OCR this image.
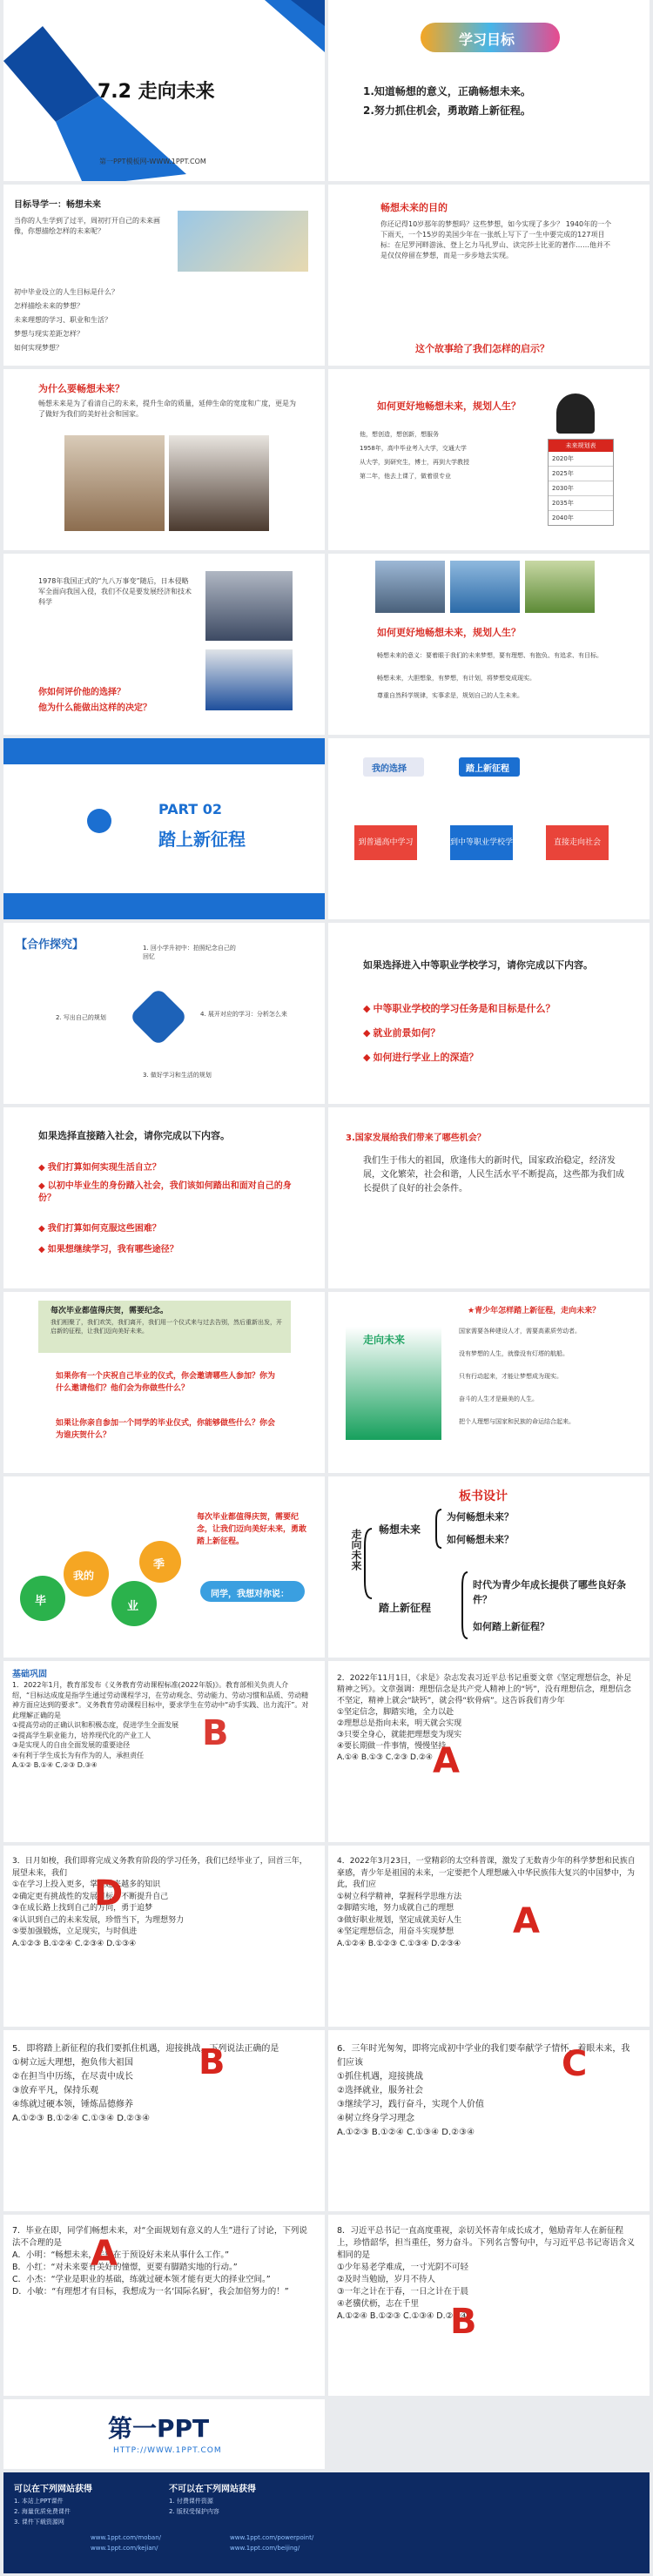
7.2 走向未来

第一PPT模板网-WWW.1PPT.COM

学习目标

1.知道畅想的意义，正确畅想未来。

2.努力抓住机会，勇敢踏上新征程。

目标导学一：畅想未来

当你的人生学到了过半，周初打开自己的未来画像，你想描绘怎样的未来呢？

初中毕业设立的人生目标是什么？

怎样描绘未来的梦想？

未来理想的学习、职业和生活？

梦想与现实差距怎样？

如何实现梦想？

畅想未来的目的

你还记得10岁那年的梦想吗？这些梦想，如今实现了多少？ 1940年的一个下雨天，一个15岁的美国少年在一张纸上写下了一生中要完成的127项目标：在尼罗河畔游泳、登上乞力马扎罗山、读完莎士比亚的著作……他并不是仅仅停留在梦想，而是一步步地去实现。

这个故事给了我们怎样的启示？

为什么要畅想未来？

畅想未来是为了看清自己的未来，提升生命的质量，延伸生命的宽度和广度，更是为了做好为我们的美好社会和国家。

如何更好地畅想未来，规划人生？

他，想创造，想创新，想服务

1958年，高中毕业考入大学，交通大学

从大学，到研究生，博士，再到大学教授

第二年，他去上课了，做着很专业

未来规划表
2020年
2025年
2030年
2035年
2040年

1978年我国正式的“九八万事变”随后，日本侵略军全面向我国入侵，我们不仅是要发展经济和技术科学

你如何评价他的选择？

他为什么能做出这样的决定？

如何更好地畅想未来，规划人生？

畅想未来的意义：要着眼于我们的未来梦想，要有理想、有抱负、有追求、有目标。

畅想未来，大胆想象，有梦想，有计划，将梦想变成现实。

尊重自然科学规律，实事求是，规划自己的人生未来。

PART 02

踏上新征程

我的选择	踏上新征程

到普通高中学习	到中等职业学校学习
直接走向社会

【合作探究】	1. 回小学升初中：拍照纪念自己的回忆

2. 写出自己的规划	4. 展开对应的学习：分析怎么来

3. 做好学习和生活的规划

如果选择进入中等职业学校学习，请你完成以下内容。

◆ 中等职业学校的学习任务是和目标是什么？

◆ 就业前景如何？

◆ 如何进行学业上的深造？

如果选择直接踏入社会，请你完成以下内容。

◆ 我们打算如何实现生活自立？

◆ 以初中毕业生的身份踏入社会，我们该如何踏出和面对自己的身份？

◆ 我们打算如何克服这些困难？

◆ 如果想继续学习，我有哪些途径？

3.国家发展给我们带来了哪些机会？

我们生于伟大的祖国，欣逢伟大的新时代，国家政治稳定，经济发展，文化繁荣，社会和谐，人民生活水平不断提高，这些都为我们成长提供了良好的社会条件。

每次毕业都值得庆贺，需要纪念。

我们相聚了，我们欢笑，我们离开，我们用一个仪式来与过去告别，然后重新出发，开启新的征程，让我们迈向美好未来。

如果你有一个庆祝自己毕业的仪式，你会邀请哪些人参加？你为什么邀请他们？他们会为你做些什么？

如果让你亲自参加一个同学的毕业仪式，你能够做些什么？你会为谁庆贺什么？

★青少年怎样踏上新征程，走向未来？

走向未来

国家需要各种建设人才，需要高素质劳动者。

没有梦想的人生，就像没有灯塔的航船。

只有行动起来，才能让梦想成为现实。

奋斗的人生才是最美的人生。

把个人理想与国家和民族的命运结合起来。

毕

我的

业

季

每次毕业都值得庆贺，需要纪念，让我们迈向美好未来，勇敢踏上新征程。

同学，我想对你说：

板书设计

走向未来 畅想未来

为何畅想未来？

如何畅想未来？

踏上新征程

时代为青少年成长提供了哪些良好条件？

如何踏上新征程？

基础巩固

1．2022年1月，教育部发布《义务教育劳动课程标准(2022年版)》。教育部相关负责人介绍，“目标达成度是指学生通过劳动课程学习，在劳动观念、劳动能力、劳动习惯和品质、劳动精神方面应达到的要求”。义务教育劳动课程目标中，要求学生在劳动中“动手实践、出力流汗”。对此理解正确的是
①提高劳动的正确认识和积极态度，促进学生全面发展
②提高学生职业能力，培养现代化的产业工人
③是实现人的自由全面发展的重要途径
④有利于学生成长为有作为的人，承担责任
A.①② B.①④ C.②③ D.③④

B

2．2022年11月1日，《求是》杂志发表习近平总书记重要文章《坚定理想信念，补足精神之钙》。文章强调：理想信念是共产党人精神上的“钙”，没有理想信念，理想信念不坚定，精神上就会“缺钙”，就会得“软骨病”。这告诉我们青少年
①坚定信念，脚踏实地，全力以赴
②理想总是指向未来，明天就会实现
③只要全身心，就能把理想变为现实
④要长期做一件事情，慢慢坚持
A.①④ B.①③ C.②③ D.②④ A

3．日月如梭，我们即将完成义务教育阶段的学习任务，我们已经毕业了，回首三年，展望未来，我们
①在学习上投入更多，掌握越来越多的知识
②确定更有挑战性的发展目标，不断提升自己
③在成长路上找到自己的方向，勇于追梦
④认识到自己的未来发展，珍惜当下，为理想努力
⑤要加强锻炼，立足现实，与时俱进
A.①②③ B.①②④ C.②③④ D.①③④

D

4．2022年3月23日，一堂精彩的太空科普课，激发了无数青少年的科学梦想和民族自豪感，青少年是祖国的未来，一定要把个人理想融入中华民族伟大复兴的中国梦中，为此，我们应
①树立科学精神，掌握科学思维方法
②脚踏实地，努力成就自己的理想
③做好职业规划，坚定成就美好人生
④坚定理想信念，用奋斗实现梦想
A.①②④ B.①②③ C.①③④ D.②③④

A

5．即将踏上新征程的我们要抓住机遇，迎接挑战，下列说法正确的是
①树立远大理想，抱负伟大祖国
②在担当中历练，在尽责中成长
③放弃平凡，保持乐观
④练就过硬本领，锤炼品德修养
A.①②③ B.①②④ C.①③④ D.②③④

B	6．三年时光匆匆，即将完成初中学业的我们要奉献学子情怀，着眼未来，我们应该
①抓住机遇，迎接挑战
②选择就业，服务社会
③继续学习，践行奋斗，实现个人价值
④树立终身学习理念
A.①②③ B.①②④ C.①③④ D.②③④

C

7．毕业在即，同学们畅想未来，对“全面规划有意义的人生”进行了讨论，下列说法不合理的是
A．小明：“畅想未来，关键在于预设好未来从事什么工作。”
B．小红：“对未来要有美好的憧憬，更要有脚踏实地的行动。”
C．小杰：“学业是职业的基础，练就过硬本领才能有更大的择业空间。”
D．小敏：“有理想才有目标，我想成为一名‘国际名厨’，我会加倍努力的！”

A

8．习近平总书记一直高度重视，亲切关怀青年成长成才，勉励青年人在新征程上，珍惜韶华，担当重任，努力奋斗。下列名言警句中，与习近平总书记寄语含义相同的是
①少年易老学难成，一寸光阴不可轻
②及时当勉励，岁月不待人
③一年之计在于春，一日之计在于晨
④老骥伏枥，志在千里
A.①②④ B.①②③ C.①③④ D.②③④

B

第一PPT

HTTP://WWW.1PPT.COM

可以在下列网站获得

1. 本站上PPT课件

2. 海量优质免费课件

3. 课件下载资源网

不可以在下列网站获得

1. 付费课件资源

2. 版权受保护内容

www.1ppt.com/moban/
www.1ppt.com/kejian/
www.1ppt.com/powerpoint/
www.1ppt.com/beijing/
